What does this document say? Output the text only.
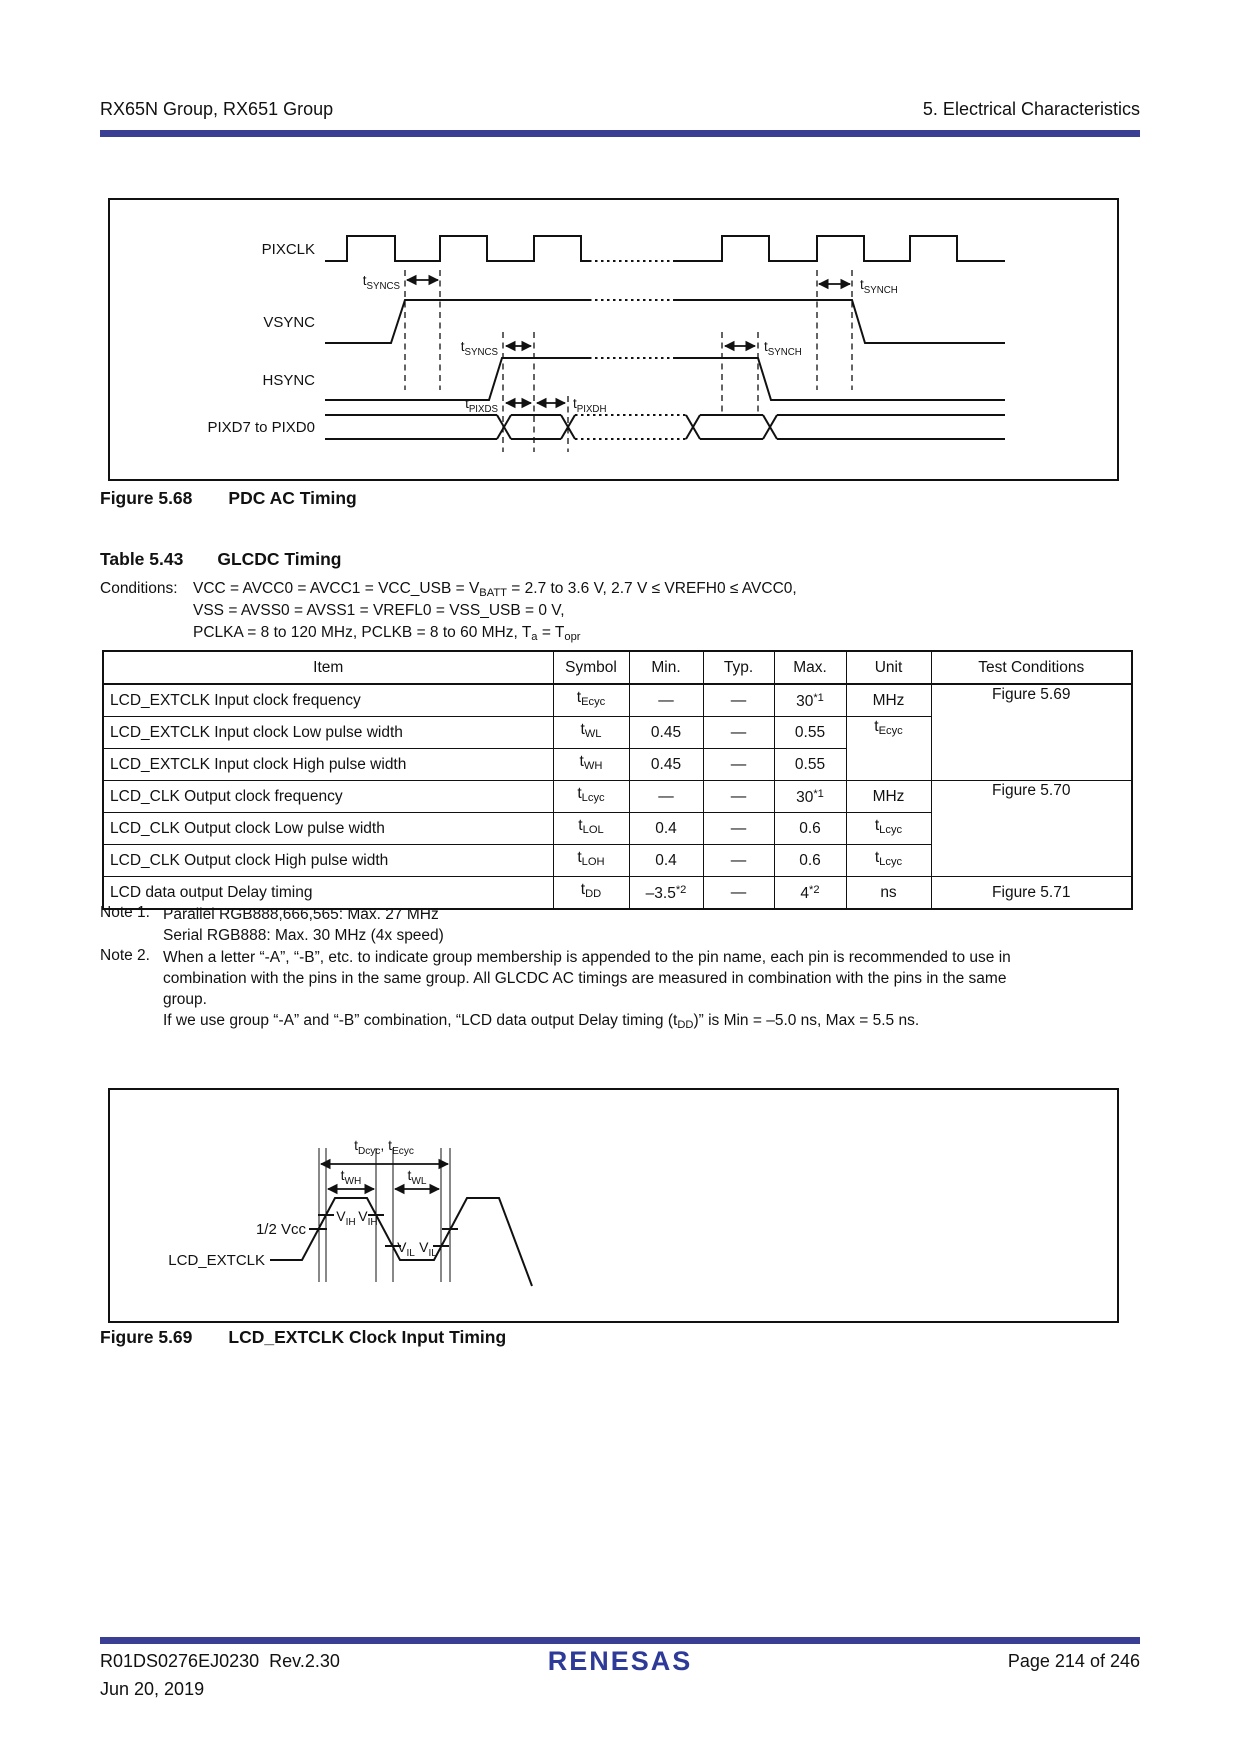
RX65N Group, RX651 Group	5. Electrical Characteristics
PIXCLK
VSYNC
HSYNC
PIXD7 to PIXD0
$t_{SYNCS}$	$t_{SYNCH}$
$t_{SYNCS}$	$t_{SYNCH}$
$t_{PIXDS}$	$t_{PIXDH}$
Figure 5.68 PDC AC Timing
Table 5.43 GLCDC Timing
Conditions: VCC = AVCC0 = AVCC1 = VCC_USB = $V_{BATT} = 2.7$ to 3.6 V, 2.7 V ≤ VREFH0 ≤ AVCC0,
VSS = AVSS0 = AVSS1 = VREFL0 = VSS_USB = 0 V,
PCLKA = 8 to 120 MHz, PCLKB = 8 to 60 MHz, $T_a = T_{opr}$
Item	Symbol	Min.	Typ.	Max.	Unit	Test Conditions
LCD_EXTCLK Input clock frequency	$t_{Ecyc}$	—	—	30$^{*1}$	MHz	Figure 5.69
LCD_EXTCLK Input clock Low pulse width	$t_{WL}$	0.45	—	0.55	$t_{Ecyc}$
LCD_EXTCLK Input clock High pulse width	$t_{WH}$	0.45	—	0.55		
LCD_CLK Output clock frequency	$t_{Lcyc}$	—	—	30$^{*1}$	MHz	Figure 5.70
LCD_CLK Output clock Low pulse width	$t_{LOL}$	0.4	—	0.6	$t_{Lcyc}$
LCD_CLK Output clock High pulse width	$t_{LOH}$	0.4	—	0.6	$t_{Lcyc}$
LCD data output Delay timing	$t_{DD}$	–3.5$^{*2}$	—	4$^{*2}$	ns	Figure 5.71
Note 1. Parallel RGB888,666,565: Max. 27 MHz
Serial RGB888: Max. 30 MHz (4x speed)
Note 2. When a letter “-A”, “-B”, etc. to indicate group membership is appended to the pin name, each pin is recommended to use in
combination with the pins in the same group. All GLCDC AC timings are measured in combination with the pins in the same
group.
If we use group “-A” and “-B” combination, “LCD data output Delay timing $(t_{DD})$” is Min = –5.0 ns, Max = 5.5 ns.
$t_{Dcyc}$, $t_{Ecyc}$
$t_{WH}$	$t_{WL}$
$V_{IH}$ $V_{IH}$
$V_{IL}$ $V_{IL}$
1/2 Vcc
LCD_EXTCLK
Figure 5.69 LCD_EXTCLK Clock Input Timing
R01DS0276EJ0230 Rev.2.30	RENESAS	Page 214 of 246
Jun 20, 2019
